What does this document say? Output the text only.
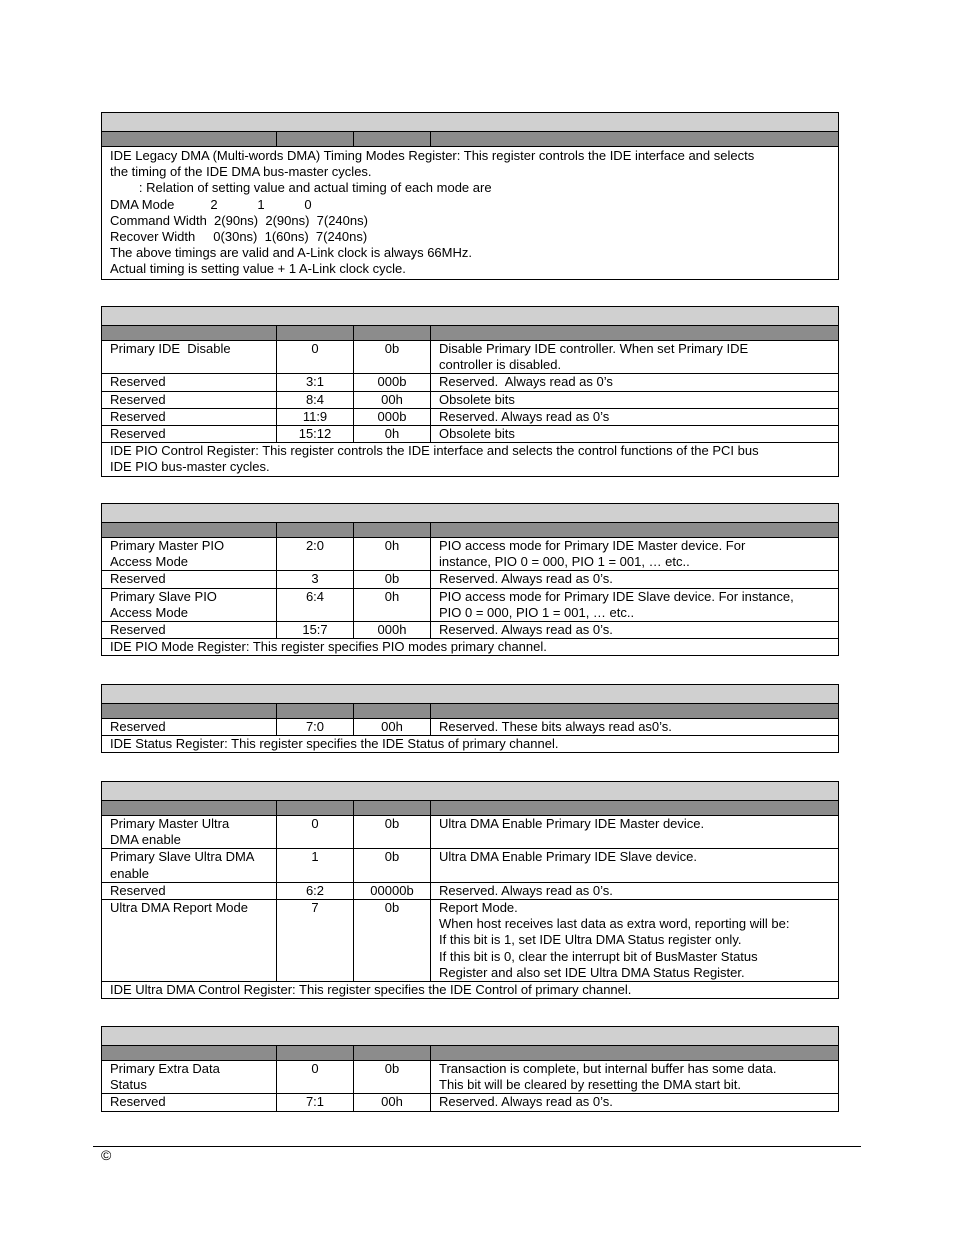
IDE Legacy DMA (Multi-words DMA) Timing Modes Register: This register controls the IDE interface and selects
the timing of the IDE DMA bus-master cycles.
: Relation of setting value and actual timing of each mode are
DMA Mode          2           1           0
Command Width  2(90ns)  2(90ns)  7(240ns)
Recover Width     0(30ns)  1(60ns)  7(240ns)
The above timings are valid and A-Link clock is always 66MHz.
Actual timing is setting value + 1 A-Link clock cycle.

Primary IDE  Disable	0	0b	Disable Primary IDE controller. When set Primary IDE
controller is disabled.

Reserved	3:1	000b	Reserved.  Always read as 0’s

Reserved	8:4	00h	Obsolete bits

Reserved	11:9	000b	Reserved. Always read as 0’s

Reserved	15:12	0h	Obsolete bits

IDE PIO Control Register: This register controls the IDE interface and selects the control functions of the PCI bus
IDE PIO bus-master cycles.			

Primary Master PIO
Access Mode	2:0	0h	PIO access mode for Primary IDE Master device. For
instance, PIO 0 = 000, PIO 1 = 001, … etc..

Reserved	3	0b	Reserved. Always read as 0’s.

Primary Slave PIO
Access Mode	6:4	0h	PIO access mode for Primary IDE Slave device. For instance,
PIO 0 = 000, PIO 1 = 001, … etc..

Reserved	15:7	000h	Reserved. Always read as 0’s.

IDE PIO Mode Register: This register specifies PIO modes primary channel.			

Reserved	7:0	00h	Reserved. These bits always read as0’s.

IDE Status Register: This register specifies the IDE Status of primary channel.			

Primary Master Ultra
DMA enable	0	0b	Ultra DMA Enable Primary IDE Master device.

Primary Slave Ultra DMA
enable	1	0b	Ultra DMA Enable Primary IDE Slave device.

Reserved	6:2	00000b	Reserved. Always read as 0’s.

Ultra DMA Report Mode	7	0b	Report Mode.
When host receives last data as extra word, reporting will be:
If this bit is 1, set IDE Ultra DMA Status register only.
If this bit is 0, clear the interrupt bit of BusMaster Status
Register and also set IDE Ultra DMA Status Register.

IDE Ultra DMA Control Register: This register specifies the IDE Control of primary channel.			

Primary Extra Data
Status	0	0b	Transaction is complete, but internal buffer has some data.
This bit will be cleared by resetting the DMA start bit.

Reserved	7:1	00h	Reserved. Always read as 0’s.
©
